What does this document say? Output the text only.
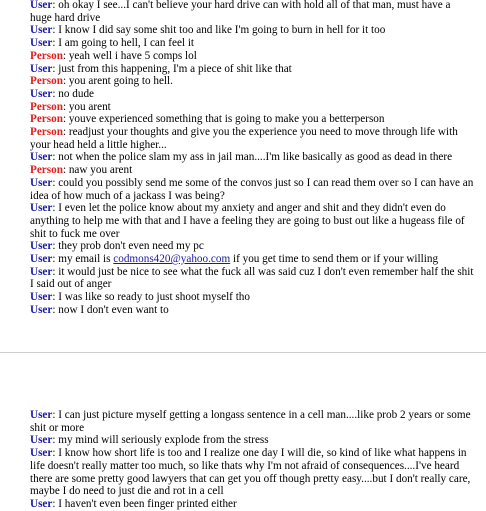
User: oh okay I see...I can't believe your hard drive can with hold all of that man, must have a huge hard drive

User: I know I did say some shit too and like I'm going to burn in hell for it too

User: I am going to hell, I can feel it

Person: yeah well i have 5 comps lol

User: just from this happening, I'm a piece of shit like that

Person: you arent going to hell.

User: no dude

Person: you arent

Person: youve experienced something that is going to make you a betterperson

Person: readjust your thoughts and give you the experience you need to move through life with your head held a little higher...

User: not when the police slam my ass in jail man....I'm like basically as good as dead in there

Person: naw you arent

User: could you possibly send me some of the convos just so I can read them over so I can have an idea of how much of a jackass I was being?

User: I even let the police know about my anxiety and anger and shit and they didn't even do anything to help me with that and I have a feeling they are going to bust out like a hugeass file of shit to fuck me over

User: they prob don't even need my pc

User: my email is codmons420@yahoo.com if you get time to send them or if your willing

User: it would just be nice to see what the fuck all was said cuz I don't even remember half the shit I said out of anger

User: I was like so ready to just shoot myself tho

User: now I don't even want to

User: I can just picture myself getting a longass sentence in a cell man....like prob 2 years or some shit or more

User: my mind will seriously explode from the stress

User: I know how short life is too and I realize one day I will die, so kind of like what happens in life doesn't really matter too much, so like thats why I'm not afraid of consequences....I've heard there are some pretty good lawyers that can get you off though pretty easy....but I don't really care, maybe I do need to just die and rot in a cell

User: I haven't even been finger printed either
